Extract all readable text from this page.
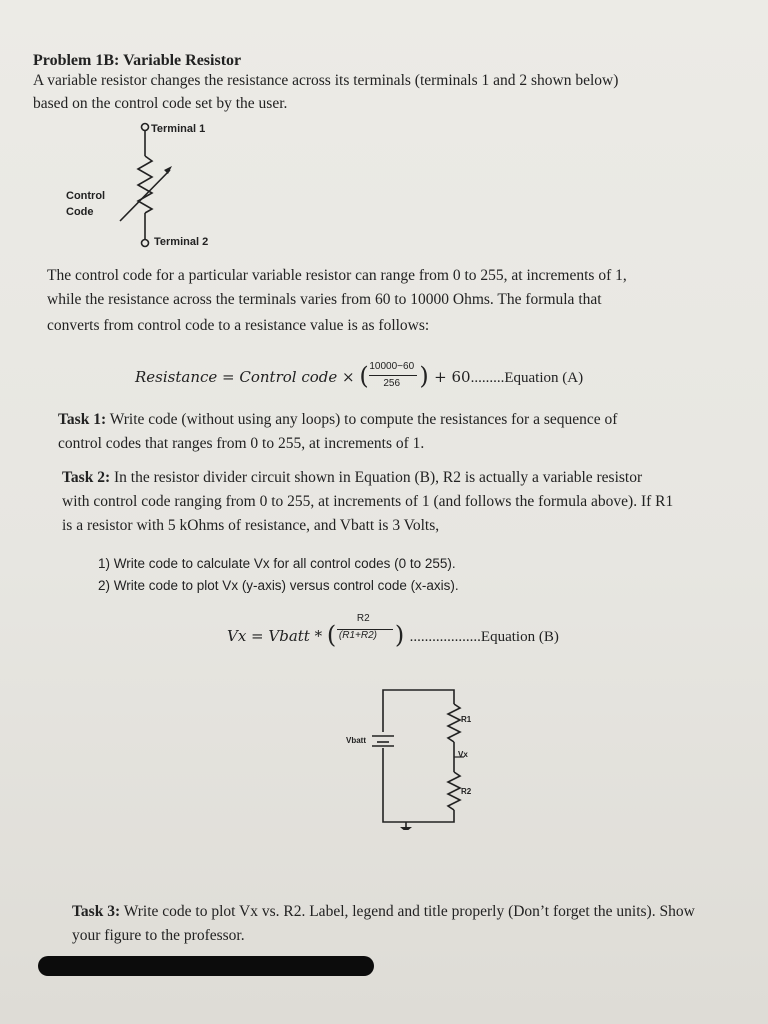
Problem 1B: Variable Resistor
A variable resistor changes the resistance across its terminals (terminals 1 and 2 shown below)
based on the control code set by the user.
Terminal 1
Terminal 2
Control
Code
The control code for a particular variable resistor can range from 0 to 255, at increments of 1,
while the resistance across the terminals varies from 60 to 10000 Ohms. The formula that
converts from control code to a resistance value is as follows:
Resistance = Control code × ( 10000−60
256 ) + 60.........Equation (A)
Task 1: Write code (without using any loops) to compute the resistances for a sequence of
control codes that ranges from 0 to 255, at increments of 1.
Task 2: In the resistor divider circuit shown in Equation (B), R2 is actually a variable resistor
with control code ranging from 0 to 255, at increments of 1 (and follows the formula above). If R1
is a resistor with 5 kOhms of resistance, and Vbatt is 3 Volts,
1) Write code to calculate Vx for all control codes (0 to 255).
2) Write code to plot Vx (y-axis) versus control code (x-axis).
Vx = Vbatt * (
R2
(R1+R2) ) ...................Equation (B)
R1
Vx
R2
Vbatt
Task 3: Write code to plot Vx vs. R2. Label, legend and title properly (Don’t forget the units). Show
your figure to the professor.
